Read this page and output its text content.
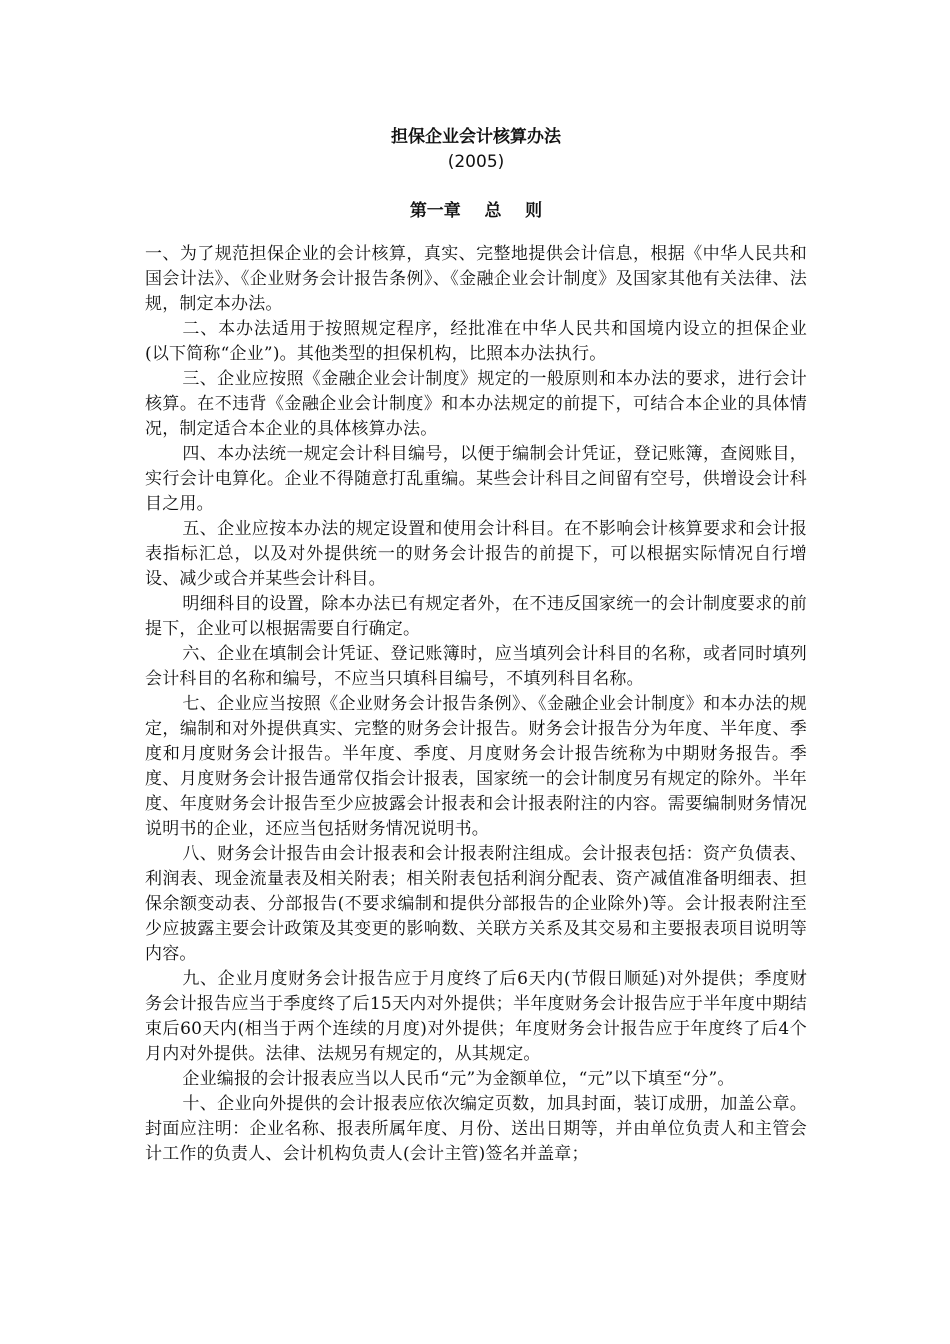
担保企业会计核算办法

(2005)

第一章    总    则

一、为了规范担保企业的会计核算，真实、完整地提供会计信息，根据《中华人民共和国会计法》、《企业财务会计报告条例》、《金融企业会计制度》及国家其他有关法律、法规，制定本办法。

二、本办法适用于按照规定程序，经批准在中华人民共和国境内设立的担保企业(以下简称“企业”)。其他类型的担保机构，比照本办法执行。

三、企业应按照《金融企业会计制度》规定的一般原则和本办法的要求，进行会计核算。在不违背《金融企业会计制度》和本办法规定的前提下，可结合本企业的具体情况，制定适合本企业的具体核算办法。

四、本办法统一规定会计科目编号，以便于编制会计凭证，登记账簿，查阅账目，实行会计电算化。企业不得随意打乱重编。某些会计科目之间留有空号，供增设会计科目之用。

五、企业应按本办法的规定设置和使用会计科目。在不影响会计核算要求和会计报表指标汇总，以及对外提供统一的财务会计报告的前提下，可以根据实际情况自行增设、减少或合并某些会计科目。

明细科目的设置，除本办法已有规定者外，在不违反国家统一的会计制度要求的前提下，企业可以根据需要自行确定。

六、企业在填制会计凭证、登记账簿时，应当填列会计科目的名称，或者同时填列会计科目的名称和编号，不应当只填科目编号，不填列科目名称。

七、企业应当按照《企业财务会计报告条例》、《金融企业会计制度》和本办法的规定，编制和对外提供真实、完整的财务会计报告。财务会计报告分为年度、半年度、季度和月度财务会计报告。半年度、季度、月度财务会计报告统称为中期财务报告。季度、月度财务会计报告通常仅指会计报表，国家统一的会计制度另有规定的除外。半年度、年度财务会计报告至少应披露会计报表和会计报表附注的内容。需要编制财务情况说明书的企业，还应当包括财务情况说明书。

八、财务会计报告由会计报表和会计报表附注组成。会计报表包括：资产负债表、利润表、现金流量表及相关附表；相关附表包括利润分配表、资产减值准备明细表、担保余额变动表、分部报告(不要求编制和提供分部报告的企业除外)等。会计报表附注至少应披露主要会计政策及其变更的影响数、关联方关系及其交易和主要报表项目说明等内容。

九、企业月度财务会计报告应于月度终了后6天内(节假日顺延)对外提供；季度财务会计报告应当于季度终了后15天内对外提供；半年度财务会计报告应于半年度中期结束后60天内(相当于两个连续的月度)对外提供；年度财务会计报告应于年度终了后4个月内对外提供。法律、法规另有规定的，从其规定。

企业编报的会计报表应当以人民币“元”为金额单位，“元”以下填至“分”。

十、企业向外提供的会计报表应依次编定页数，加具封面，装订成册，加盖公章。封面应注明：企业名称、报表所属年度、月份、送出日期等，并由单位负责人和主管会计工作的负责人、会计机构负责人(会计主管)签名并盖章；
